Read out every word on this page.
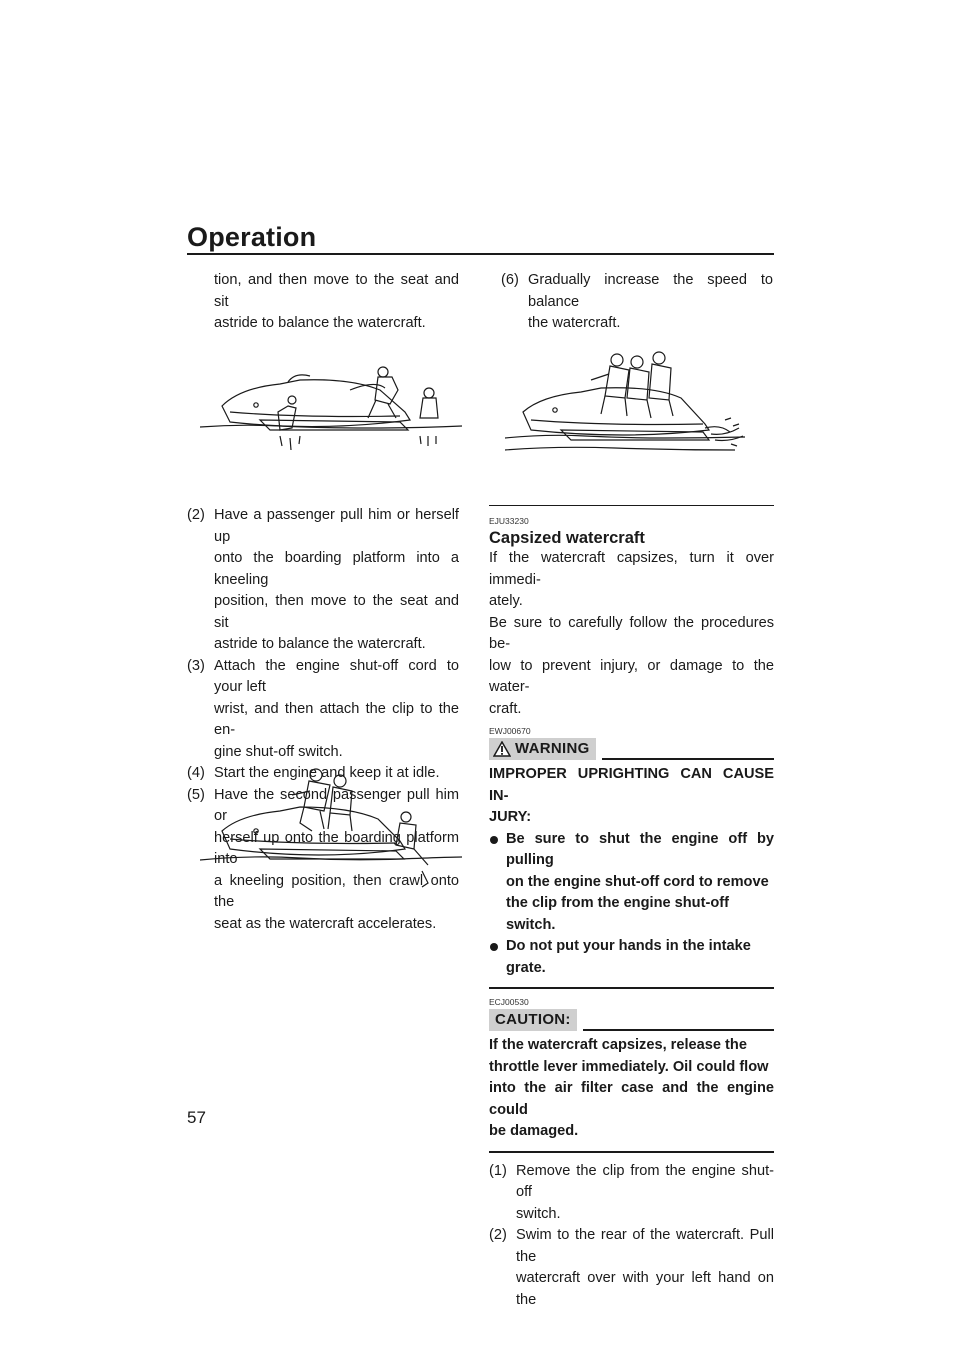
Operation

tion, and then move to the seat and sit

astride to balance the watercraft.

(2) Have a passenger pull him or herself up

onto the boarding platform into a kneeling

position, then move to the seat and sit

astride to balance the watercraft.

(3) Attach the engine shut-off cord to your left

wrist, and then attach the clip to the en-

gine shut-off switch.

(4) Start the engine and keep it at idle.

(5) Have the second passenger pull him or

herself up onto the boarding platform into

a kneeling position, then crawl onto the

seat as the watercraft accelerates.

(6) Gradually increase the speed to balance

the watercraft.

EJU33230
Capsized watercraft

If the watercraft capsizes, turn it over immedi-

ately.

Be sure to carefully follow the procedures be-

low to prevent injury, or damage to the water-

craft.

EWJ00670
WARNING

IMPROPER UPRIGHTING CAN CAUSE IN-

JURY:

Be sure to shut the engine off by pulling

on the engine shut-off cord to remove

the clip from the engine shut-off switch.

Do not put your hands in the intake

grate.

ECJ00530
CAUTION:

If the watercraft capsizes, release the

throttle lever immediately. Oil could flow

into the air filter case and the engine could

be damaged.

(1) Remove the clip from the engine shut-off

switch.

(2) Swim to the rear of the watercraft. Pull the

watercraft over with your left hand on the

57
